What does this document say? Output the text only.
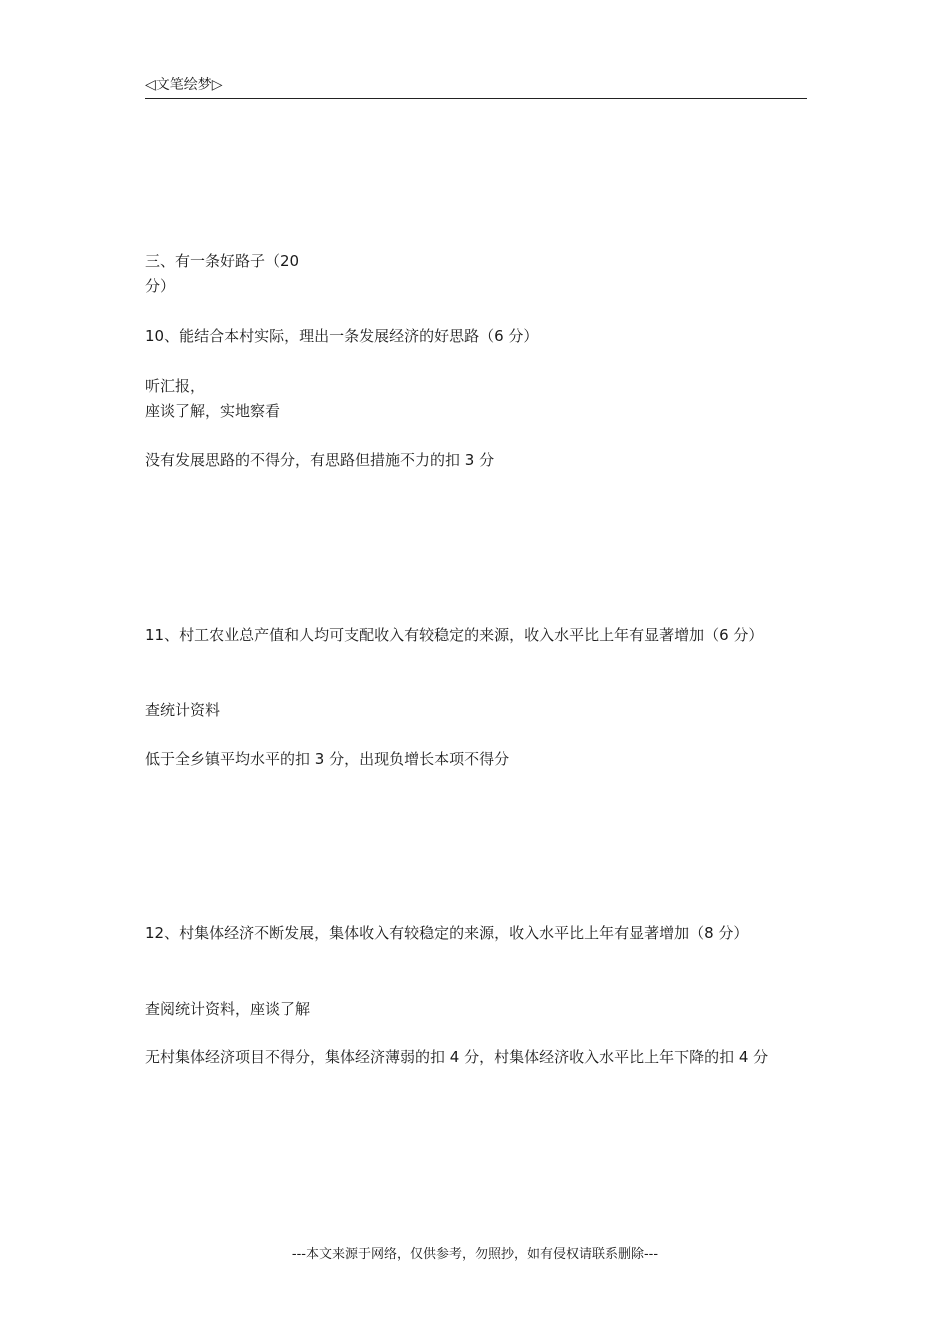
◁文笔绘梦▷

三、有一条好路子（20
分）

10、能结合本村实际，理出一条发展经济的好思路（6 分）

听汇报，
座谈了解，实地察看

没有发展思路的不得分，有思路但措施不力的扣 3 分

11、村工农业总产值和人均可支配收入有较稳定的来源，收入水平比上年有显著增加（6 分）

查统计资料

低于全乡镇平均水平的扣 3 分，出现负增长本项不得分

12、村集体经济不断发展，集体收入有较稳定的来源，收入水平比上年有显著增加（8 分）

查阅统计资料，座谈了解

无村集体经济项目不得分，集体经济薄弱的扣 4 分，村集体经济收入水平比上年下降的扣 4 分

---本文来源于网络，仅供参考，勿照抄，如有侵权请联系删除---
